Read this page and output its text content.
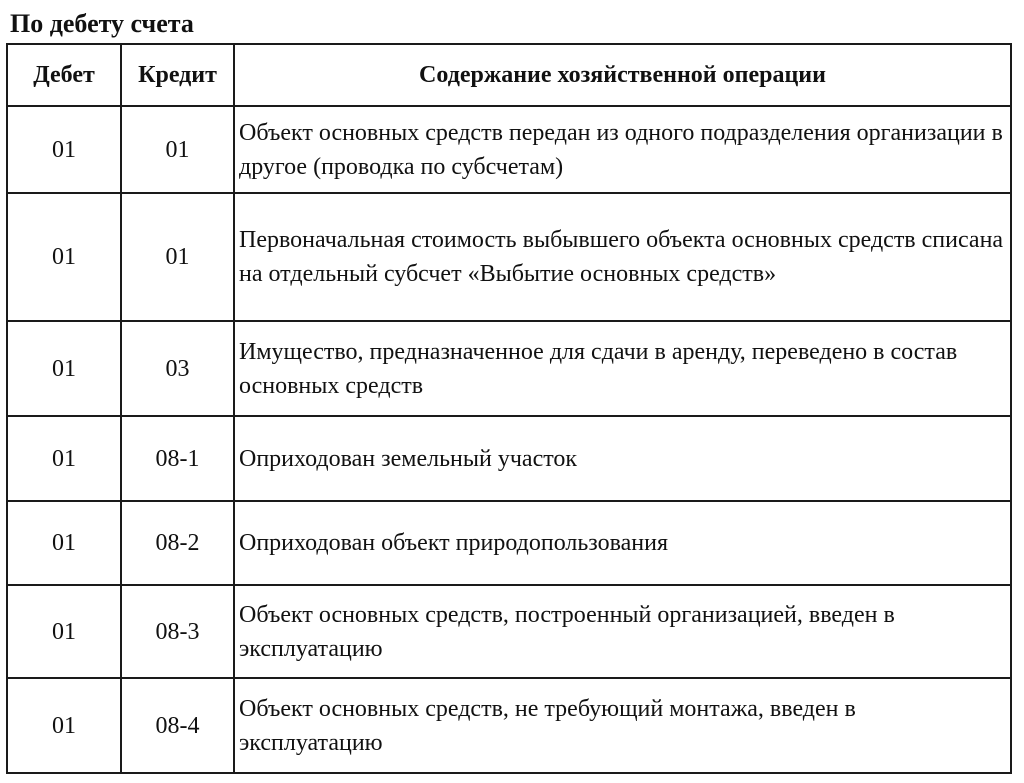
По дебету счета
Дебет	Кредит	Содержание хозяйственной операции
01	01	Объект основных средств передан из одного подразделения организации в другое (проводка по субсчетам)
01	01	Первоначальная стоимость выбывшего объекта основных средств списана на отдельный субсчет «Выбытие основных средств»
01	03	Имущество, предназначенное для сдачи в аренду, переведено в состав основных средств
01	08-1	Оприходован земельный участок
01	08-2	Оприходован объект природопользования
01	08-3	Объект основных средств, построенный организацией, введен в эксплуатацию
01	08-4	Объект основных средств, не требующий монтажа, введен в эксплуатацию
